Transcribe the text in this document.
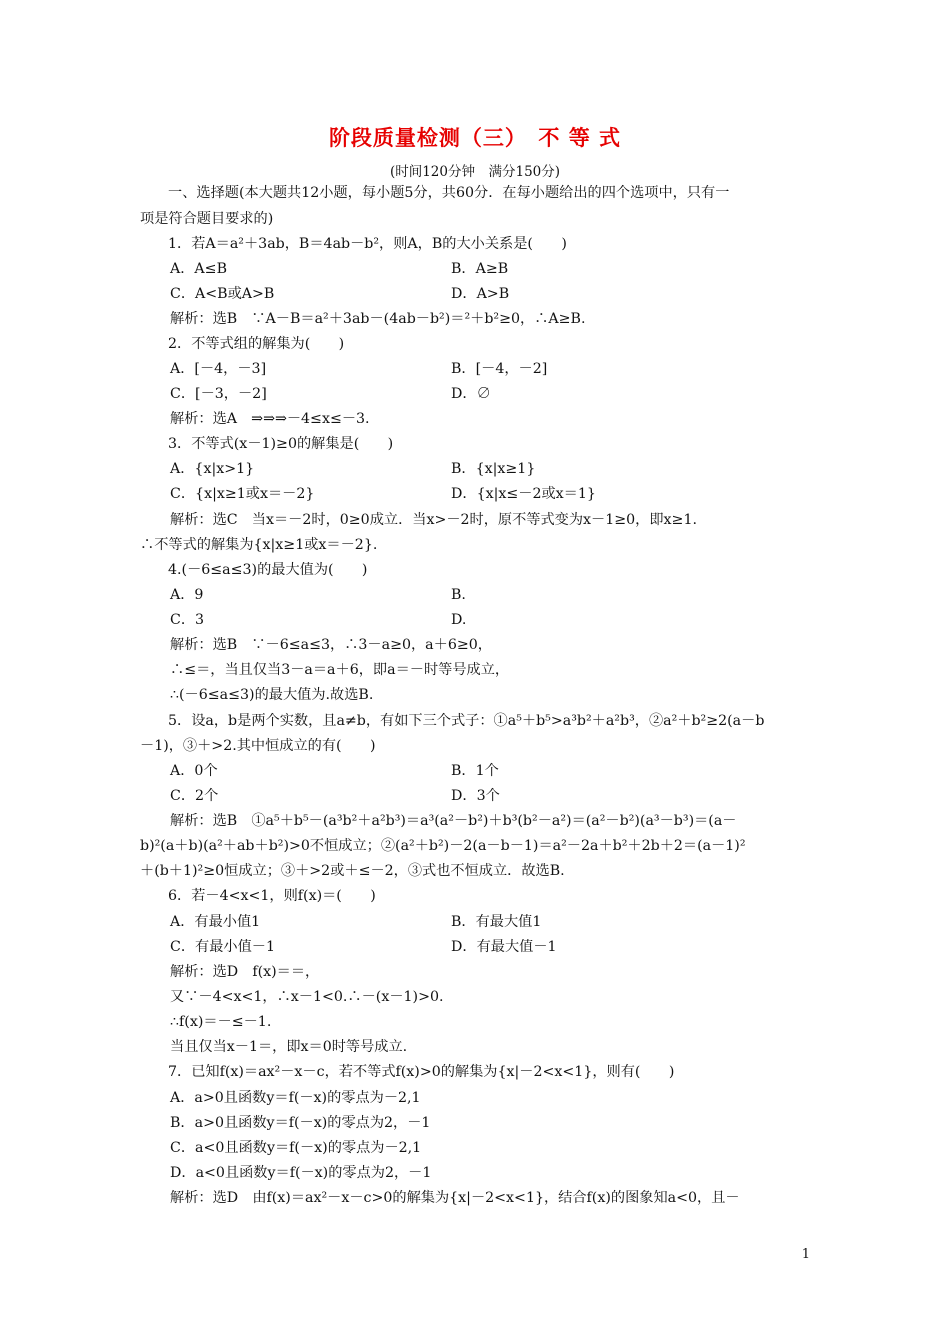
阶段质量检测（三）　不 等 式
(时间120分钟　满分150分)
一、选择题(本大题共12小题，每小题5分，共60分．在每小题给出的四个选项中，只有一
项是符合题目要求的)
1．若A＝a²＋3ab，B＝4ab－b²，则A，B的大小关系是(　　)
A．A≤B	B．A≥B
C．A<B或A>B	D．A>B
解析：选B　∵A－B＝a²＋3ab－(4ab－b²)＝²＋b²≥0，∴A≥B.
2．不等式组的解集为(　　)
A．[－4，－3]	B．[－4，－2]
C．[－3，－2]	D．∅
解析：选A　⇒⇒⇒－4≤x≤－3.
3．不等式(x－1)≥0的解集是(　　)
A．{x|x>1}	B．{x|x≥1}
C．{x|x≥1或x＝－2}	D．{x|x≤－2或x＝1}
解析：选C　当x＝－2时，0≥0成立．当x>－2时，原不等式变为x－1≥0，即x≥1.
∴不等式的解集为{x|x≥1或x＝－2}.
4.(－6≤a≤3)的最大值为(　　)
A．9	B.
C．3	D.
解析：选B　∵－6≤a≤3，∴3－a≥0，a＋6≥0，
∴≤＝，当且仅当3－a＝a＋6，即a＝－时等号成立，
∴(－6≤a≤3)的最大值为.故选B.
5．设a，b是两个实数，且a≠b，有如下三个式子：①a⁵＋b⁵>a³b²＋a²b³，②a²＋b²≥2(a－b
－1)，③＋>2.其中恒成立的有(　　)
A．0个	B．1个
C．2个	D．3个
解析：选B　①a⁵＋b⁵－(a³b²＋a²b³)＝a³(a²－b²)＋b³(b²－a²)＝(a²－b²)(a³－b³)＝(a－
b)²(a＋b)(a²＋ab＋b²)>0不恒成立；②(a²＋b²)－2(a－b－1)＝a²－2a＋b²＋2b＋2＝(a－1)²
＋(b＋1)²≥0恒成立；③＋>2或＋≤－2，③式也不恒成立．故选B.
6．若－4<x<1，则f(x)＝(　　)
A．有最小值1	B．有最大值1
C．有最小值－1	D．有最大值－1
解析：选D　f(x)＝＝，
又∵－4<x<1，∴x－1<0.∴－(x－1)>0.
∴f(x)＝－≤－1.
当且仅当x－1＝，即x＝0时等号成立.
7．已知f(x)＝ax²－x－c，若不等式f(x)>0的解集为{x|－2<x<1}，则有(　　)
A．a>0且函数y＝f(－x)的零点为－2,1
B．a>0且函数y＝f(－x)的零点为2，－1
C．a<0且函数y＝f(－x)的零点为－2,1
D．a<0且函数y＝f(－x)的零点为2，－1
解析：选D　由f(x)＝ax²－x－c>0的解集为{x|－2<x<1}，结合f(x)的图象知a<0，且－
1
